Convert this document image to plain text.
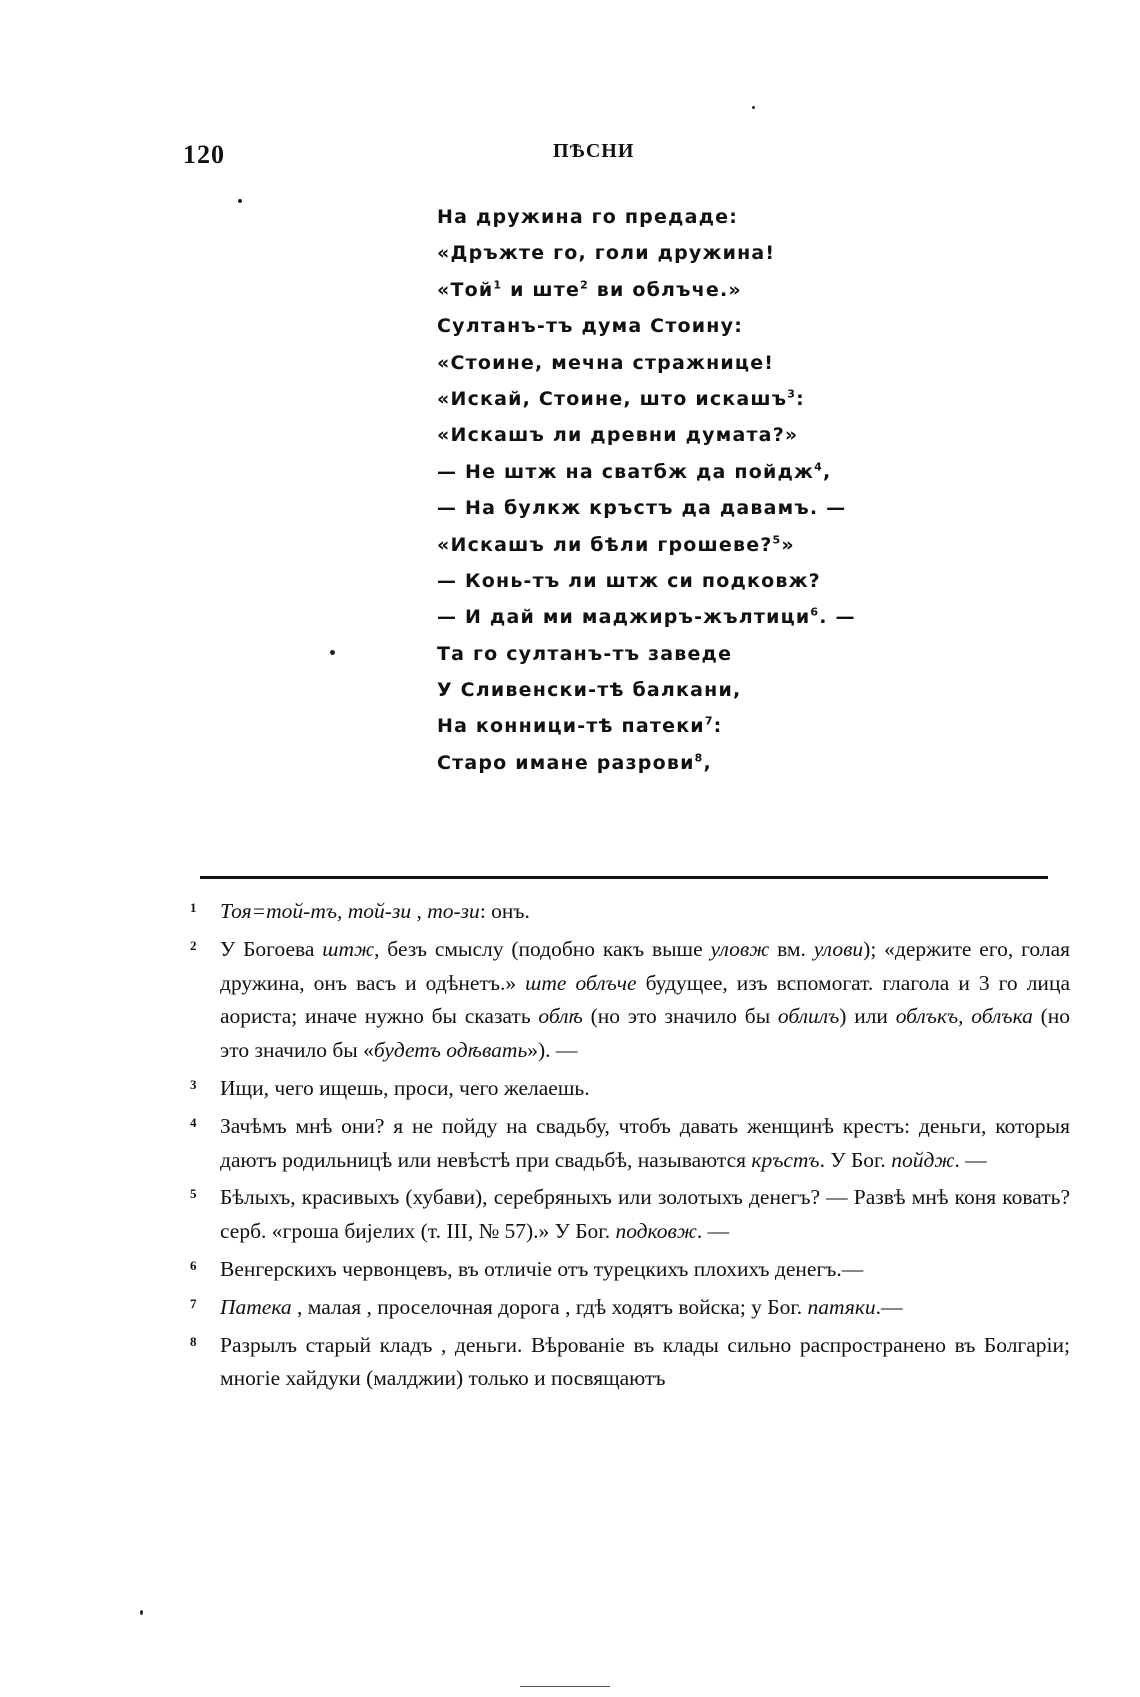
120	ПѢСНИ
На дружина го предаде:
«Дръжте го, голи дружина!
«Той$^1$ и ште$^2$ ви облъче.»
Султанъ-тъ дума Стоину:
«Стоине, мечна стражнице!
«Искай, Стоине, што искашъ$^3$:
«Искашъ ли древни думата?»
— Не штж на сватбж да пойдж$^4$,
— На булкж кръстъ да давамъ. —
«Искашъ ли бѣли грошеве?$^5$»
— Конь-тъ ли штж си подковж?
— И дай ми маджиръ-жълтици$^6$. —
Та го султанъ-тъ заведе
У Сливенски-тѣ балкани,
На конници-тѣ патеки$^7$:
Старо имане разрови$^8$,
1	Тоя=той-тъ, той-зи , то-зи: онъ.
2	У Богоева штж, безъ смыслу (подобно какъ выше уловж вм. улови); «держите его, голая дружина, онъ васъ и одѣнетъ.» ште облъче будущее, изъ вспомогат. глагола и 3 го лица аориста; иначе нужно бы сказать облѣ (но это значило бы облилъ) или облъкъ, облъка (но это значило бы «будетъ одѣвать»). —
3	Ищи, чего ищешь, проси, чего желаешь.
4	Зачѣмъ мнѣ они? я не пойду на свадьбу, чтобъ давать женщинѣ крестъ: деньги, которыя даютъ родильницѣ или невѣстѣ при свадьбѣ, называются кръстъ. У Бог. пойдж. —
5	Бѣлыхъ, красивыхъ (хубави), серебряныхъ или золотыхъ денегъ? — Развѣ мнѣ коня ковать? серб. «гроша бијелих (т. III, № 57).» У Бог. подковж. —
6	Венгерскихъ червонцевъ, въ отличіе отъ турецкихъ плохихъ денегъ.—
7	Патека , малая , проселочная дорога , гдѣ ходятъ войска; у Бог. патяки.—
8	Разрылъ старый кладъ , деньги. Вѣрованіе въ клады сильно распространено въ Болгаріи; многіе хайдуки (малджии) только и посвящаютъ
